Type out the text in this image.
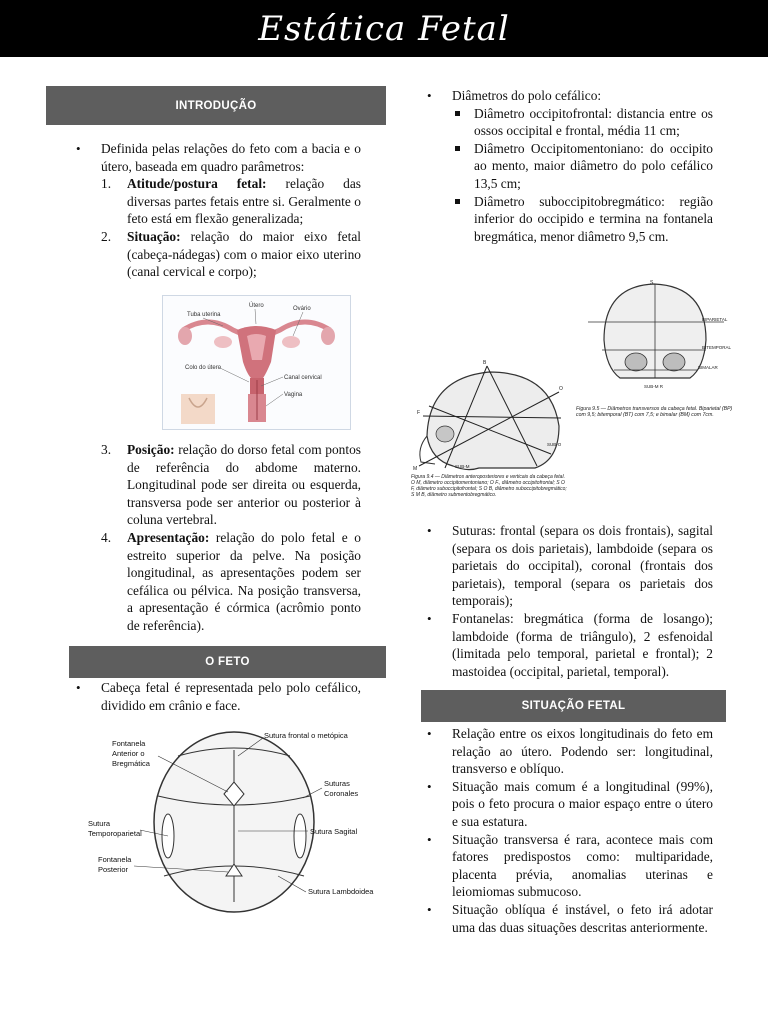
Estática Fetal
INTRODUÇÃO
• Definida pelas relações do feto com a bacia e o útero, baseada em quadro parâmetros:
1. Atitude/postura fetal: relação das diversas partes fetais entre si. Geralmente o feto está em flexão generalizada;
2. Situação: relação do maior eixo fetal (cabeça-nádegas) com o maior eixo uterino (canal cervical e corpo);
Tuba uterina
Útero	Ovário
Colo do útero
Canal cervical
Vagina
3. Posição: relação do dorso fetal com pontos de referência do abdome materno. Longitudinal pode ser direita ou esquerda, transversa pode ser anterior ou posterior à coluna vertebral.
4. Apresentação: relação do polo fetal e o estreito superior da pelve. Na posição longitudinal, as apresentações podem ser cefálica ou pélvica. Na posição transversa, a apresentação é córmica (acrômio ponto de referência).
O FETO
• Cabeça fetal é representada pelo polo cefálico, dividido em crânio e face.
Fontanela
Anterior o
Bregmática
Sutura frontal o metópica
Suturas
Coronales
Sutura
Temporoparietal	Sutura Sagital
Fontanela
Posterior
Sutura Lambdoidea
• Diâmetros do polo cefálico:
Diâmetro occipitofrontal: distancia entre os ossos occipital e frontal, média 11 cm;
Diâmetro Occipitomentoniano: do occipito ao mento, maior diâmetro do polo cefálico 13,5 cm;
Diâmetro suboccipitobregmático: região inferior do occipido e termina na fontanela bregmática, menor diâmetro 9,5 cm.
S
BIPARIETAL
BITEMPORAL
BIMALAR
SUB-M R
Figura 9.5 — Diâmetros transversos da cabeça fetal. Biparietal (BP) com 9,5; bitemporal (BT) com 7,5; e bimalar (BM) com 7cm.
B
O
F
M
SUB-O
SUB-M
Figura 9.4 — Diâmetros anteroposteriores e verticais da cabeça fetal. O M, diâmetro occipitomentoniano; O F., diâmetro occipitofrontal; S O F, diâmetro suboccipitofrontal; S O B, diâmetro suboccipitobregmático; S M B, diâmetro submentobregmático.
• Suturas: frontal (separa os dois frontais), sagital (separa os dois parietais), lambdoide (separa os parietais do occipital), coronal (frontais dos parietais), temporal (separa os parietais dos temporais);
• Fontanelas: bregmática (forma de losango); lambdoide (forma de triângulo), 2 esfenoidal (limitada pelo temporal, parietal e frontal); 2 mastoidea (occipital, parietal, temporal).
SITUAÇÃO FETAL
• Relação entre os eixos longitudinais do feto em relação ao útero. Podendo ser: longitudinal, transverso e oblíquo.
• Situação mais comum é a longitudinal (99%), pois o feto procura o maior espaço entre o útero e sua estatura.
• Situação transversa é rara, acontece mais com fatores predispostos como: multiparidade, placenta prévia, anomalias uterinas e leiomiomas submucoso.
• Situação oblíqua é instável, o feto irá adotar uma das duas situações descritas anteriormente.
